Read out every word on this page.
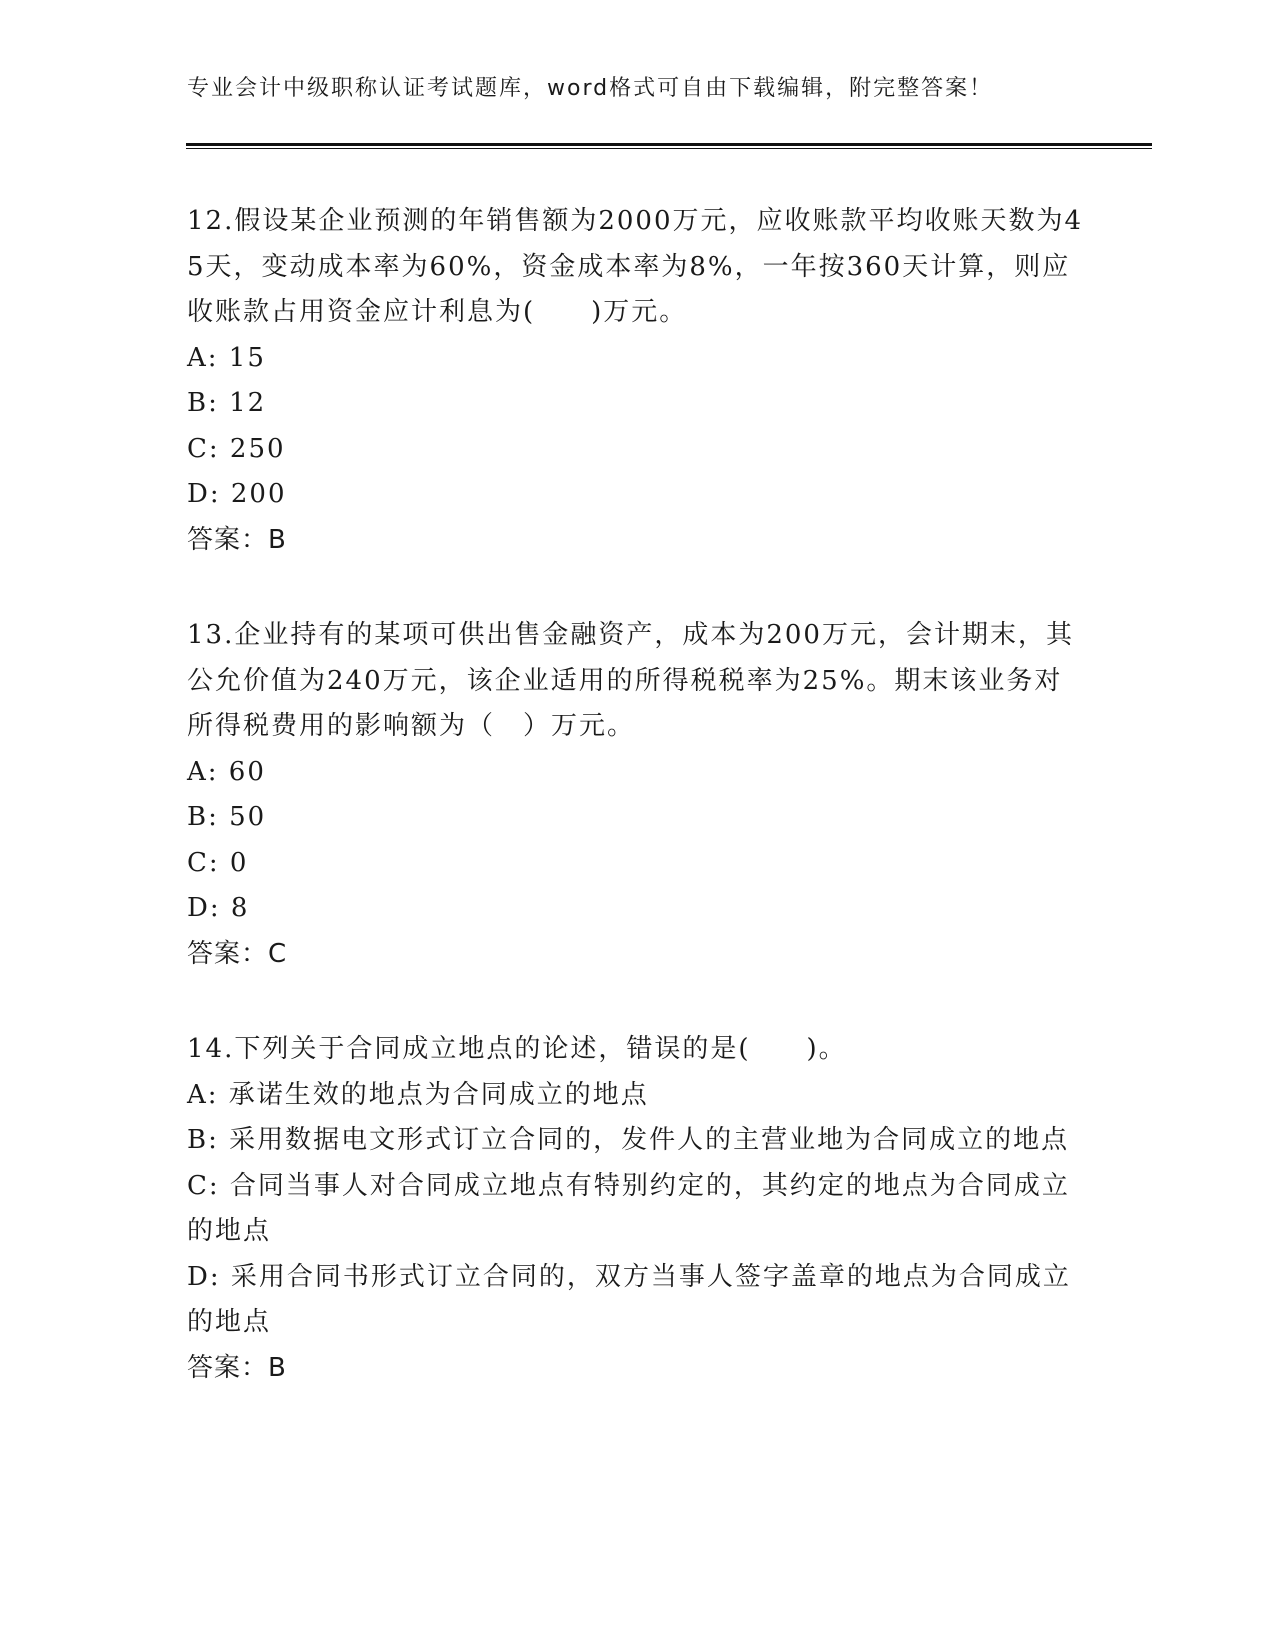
专业会计中级职称认证考试题库，word格式可自由下载编辑，附完整答案！
12.假设某企业预测的年销售额为2000万元，应收账款平均收账天数为45天，变动成本率为60%，资金成本率为8%，一年按360天计算，则应收账款占用资金应计利息为(　　)万元。
A: 15
B: 12
C: 250
D: 200
答案：B
13.企业持有的某项可供出售金融资产，成本为200万元，会计期末，其公允价值为240万元，该企业适用的所得税税率为25%。期末该业务对所得税费用的影响额为（　）万元。
A: 60
B: 50
C: 0
D: 8
答案：C
14.下列关于合同成立地点的论述，错误的是(　　)。
A: 承诺生效的地点为合同成立的地点
B: 采用数据电文形式订立合同的，发件人的主营业地为合同成立的地点
C: 合同当事人对合同成立地点有特别约定的，其约定的地点为合同成立的地点
D: 采用合同书形式订立合同的，双方当事人签字盖章的地点为合同成立的地点
答案：B
